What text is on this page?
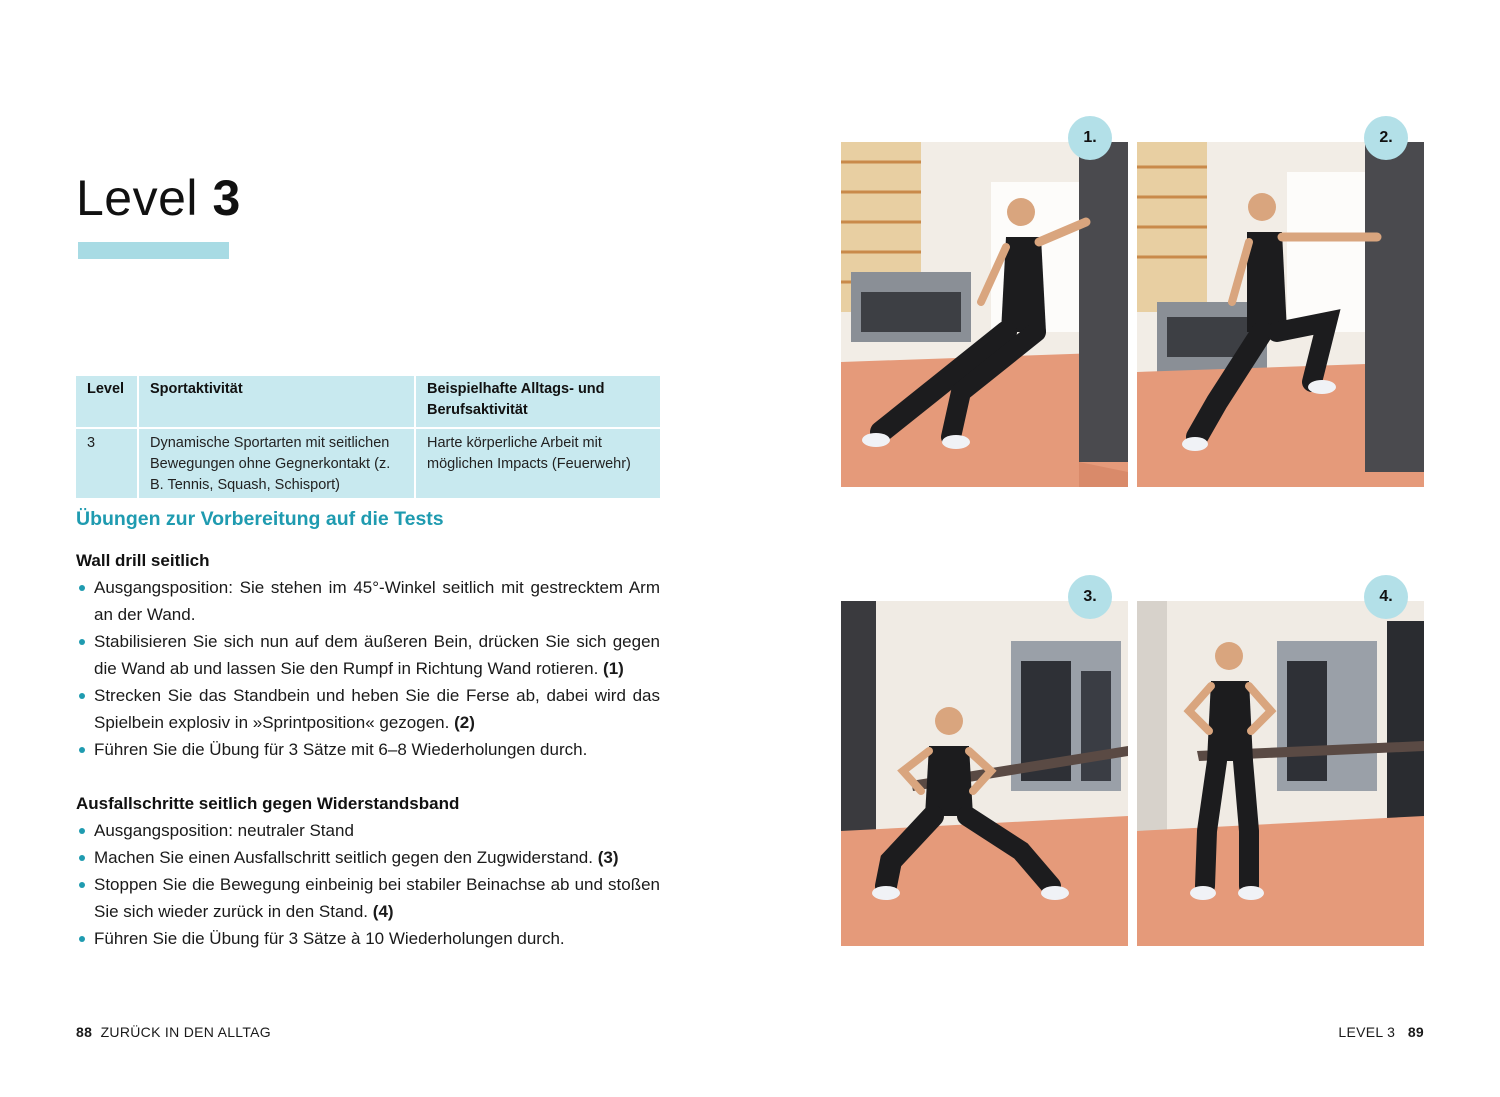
Level 3
Level	Sportaktivität	Beispielhafte Alltags- und Berufsaktivität
3	Dynamische Sportarten mit seitlichen Bewegungen ohne Gegnerkontakt (z. B. Tennis, Squash, Schisport)	Harte körperliche Arbeit mit möglichen Impacts (Feuerwehr)
Übungen zur Vorbereitung auf die Tests
Wall drill seitlich
Ausgangsposition: Sie stehen im 45°-Winkel seitlich mit gestrecktem Arm an der Wand.
Stabilisieren Sie sich nun auf dem äußeren Bein, drücken Sie sich gegen die Wand ab und lassen Sie den Rumpf in Richtung Wand rotieren. (1)
Strecken Sie das Standbein und heben Sie die Ferse ab, dabei wird das Spielbein explosiv in »Sprintposition« gezogen. (2)
Führen Sie die Übung für 3 Sätze mit 6–8 Wiederholungen durch.
Ausfallschritte seitlich gegen Widerstandsband
Ausgangsposition: neutraler Stand
Machen Sie einen Ausfallschritt seitlich gegen den Zugwiderstand. (3)
Stoppen Sie die Bewegung einbeinig bei stabiler Beinachse ab und stoßen Sie sich wieder zurück in den Stand. (4)
Führen Sie die Übung für 3 Sätze à 10 Wiederholungen durch.
1.	2.
3.	4.
88 ZURÜCK IN DEN ALLTAG	LEVEL 3 89
